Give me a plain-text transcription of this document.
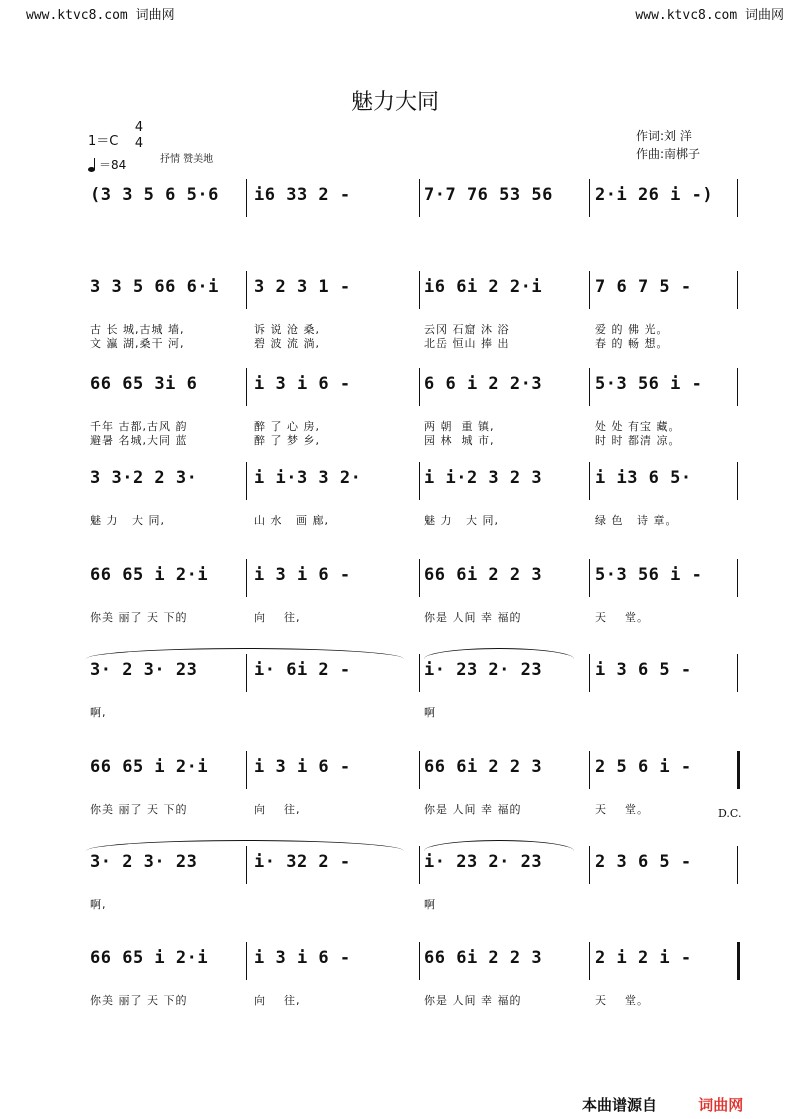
www.ktvc8.com 词曲网	www.ktvc8.com 词曲网
魅力大同
1＝C
4
4
＝84	抒情 赞美地
作词:刘 洋
作曲:南梆子
(3 3 5 6 5·6 i6 33 2 -	7·7 76 53 56 2·i 26 i -)
3 3 5 66 6·i 3 2 3 1 -	i6 6i 2 2·i	7 6 7 5 -
古 长 城,古城 墙,	诉 说 沧 桑,	云冈 石窟 沐 浴	爱 的 佛 光。
文 瀛 湖,桑干 河,	碧 波 流 淌,	北岳 恒山 捧 出	春 的 畅 想。
66 65 3i 6	i 3 i 6 -	6 6 i 2 2·3	5·3 56 i -
千年 古都,古风 韵	醉 了 心 房,	两 朝  重 镇,	处 处 有宝 藏。
避暑 名城,大同 蓝	醉 了 梦 乡,	园 林  城 市,	时 时 都清 凉。
3 3·2 2 3·	i i·3 3 2·	i i·2 3 2 3	i i3 6 5·
魅 力   大 同,	山 水   画 廊,	魅 力   大 同,	绿 色   诗 章。
66 65 i 2·i	i 3 i 6 -	66 6i 2 2 3	5·3 56 i -
你美 丽了 天 下的	向    往,	你是 人间 幸 福的	天    堂。
3· 2 3· 23	i· 6i 2 -	i· 23 2· 23	i 3 6 5 -
啊,	啊
66 65 i 2·i	i 3 i 6 -	66 6i 2 2 3	2 5 6 i -
你美 丽了 天 下的	向    往,	你是 人间 幸 福的	天    堂。	D.C.
3· 2 3· 23	i· 32 2 -	i· 23 2· 23	2 3 6 5 -
啊,	啊
66 65 i 2·i	i 3 i 6 -	66 6i 2 2 3	2 i 2 i -
你美 丽了 天 下的	向    往,	你是 人间 幸 福的	天    堂。
本曲谱源自	词曲网
